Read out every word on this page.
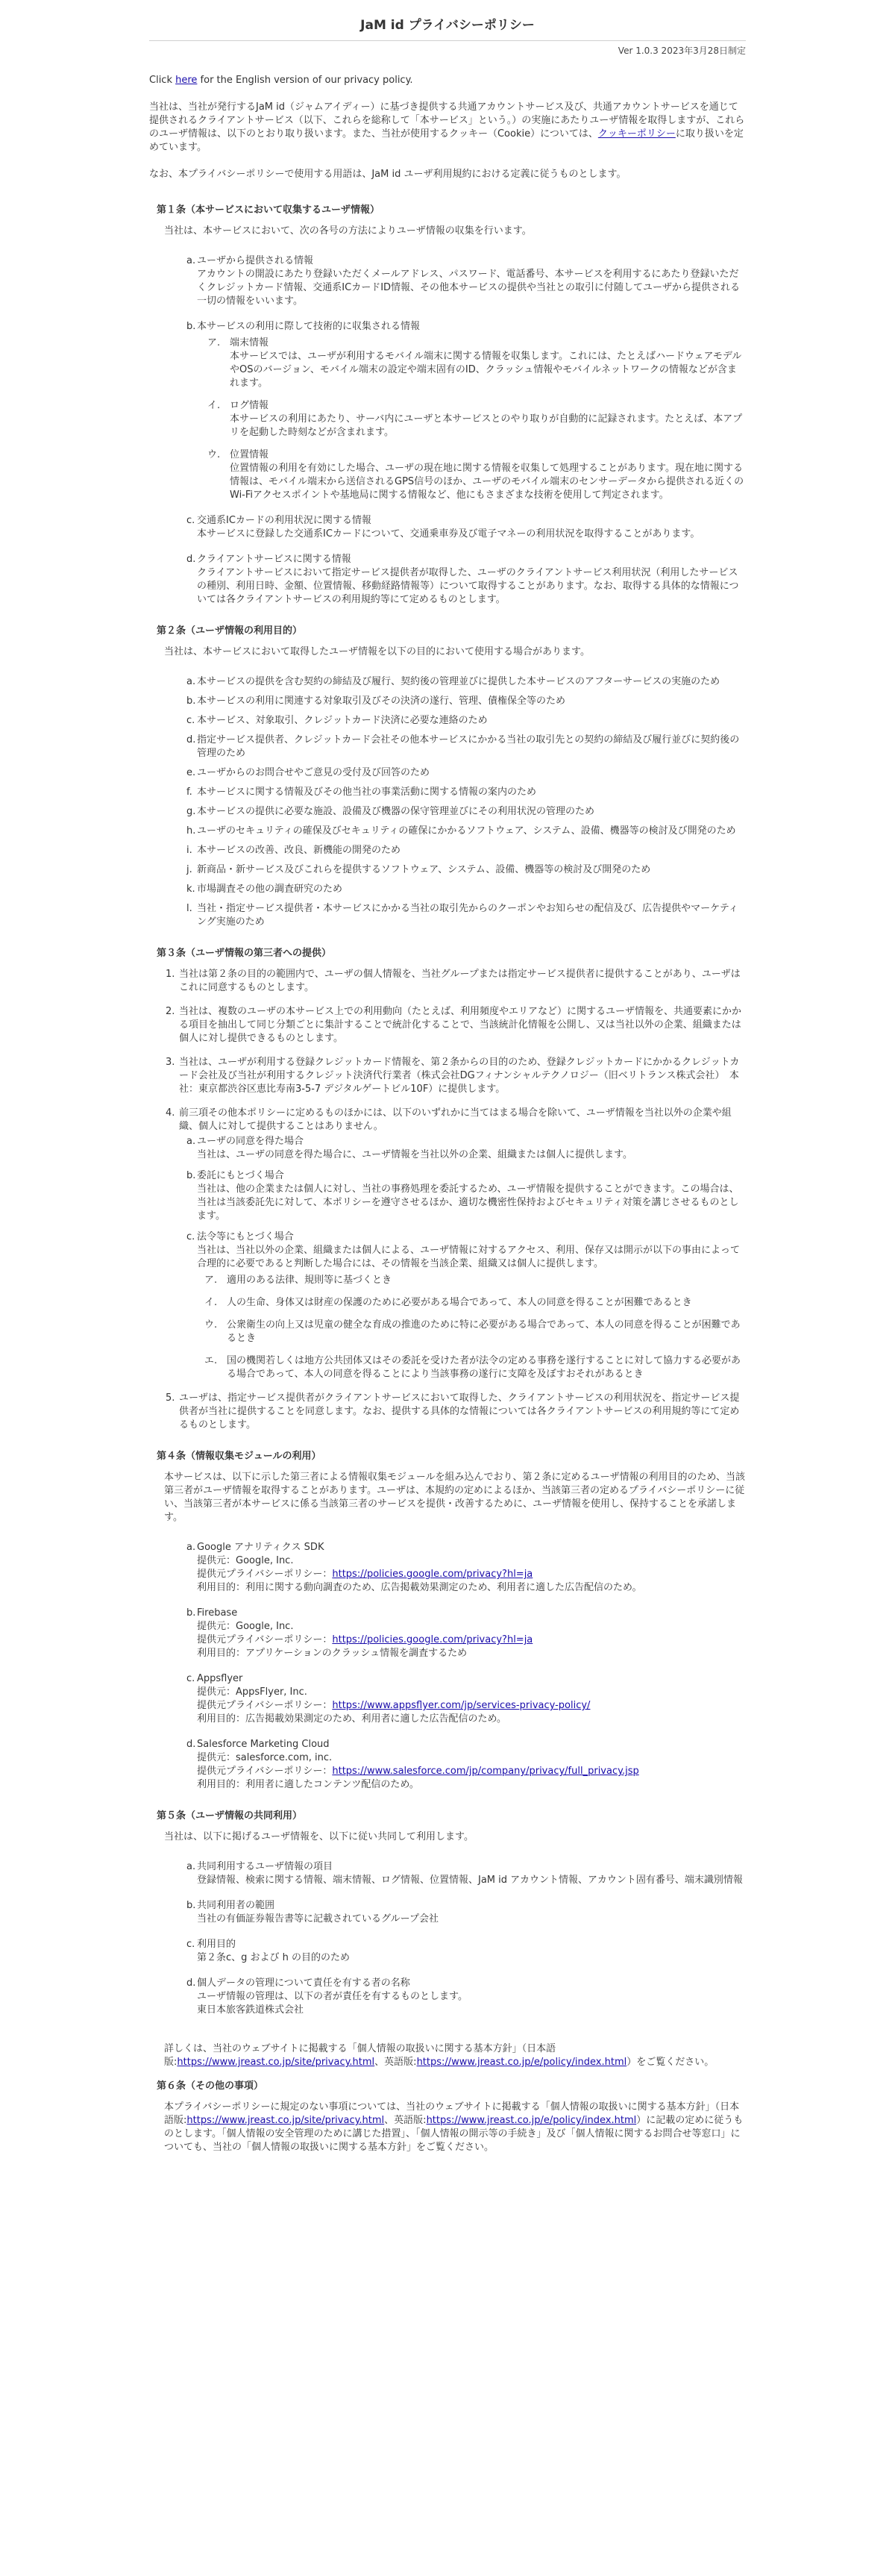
JaM id プライバシーポリシー
Ver 1.0.3 2023年3月28日制定

Click here for the English version of our privacy policy.

当社は、当社が発行するJaM id（ジャムアイディー）に基づき提供する共通アカウントサービス及び、共通アカウントサービスを通じて提供されるクライアントサービス（以下、これらを総称して「本サービス」という。）の実施にあたりユーザ情報を取得しますが、これらのユーザ情報は、以下のとおり取り扱います。また、当社が使用するクッキー（Cookie）については、クッキーポリシーに取り扱いを定めています。

なお、本プライバシーポリシーで使用する用語は、JaM id ユーザ利用規約における定義に従うものとします。

第１条（本サービスにおいて収集するユーザ情報）

当社は、本サービスにおいて、次の各号の方法によりユーザ情報の収集を行います。

a. ユーザから提供される情報
アカウントの開設にあたり登録いただくメールアドレス、パスワード、電話番号、本サービスを利用するにあたり登録いただくクレジットカード情報、交通系ICカードID情報、その他本サービスの提供や当社との取引に付随してユーザから提供される一切の情報をいいます。
b. 本サービスの利用に際して技術的に収集される情報
ア. 端末情報
本サービスでは、ユーザが利用するモバイル端末に関する情報を収集します。これには、たとえばハードウェアモデルやOSのバージョン、モバイル端末の設定や端末固有のID、クラッシュ情報やモバイルネットワークの情報などが含まれます。
イ. ログ情報
本サービスの利用にあたり、サーバ内にユーザと本サービスとのやり取りが自動的に記録されます。たとえば、本アプリを起動した時刻などが含まれます。
ウ. 位置情報
位置情報の利用を有効にした場合、ユーザの現在地に関する情報を収集して処理することがあります。現在地に関する情報は、モバイル端末から送信されるGPS信号のほか、ユーザのモバイル端末のセンサーデータから提供される近くのWi-Fiアクセスポイントや基地局に関する情報など、他にもさまざまな技術を使用して判定されます。
c. 交通系ICカードの利用状況に関する情報
本サービスに登録した交通系ICカードについて、交通乗車券及び電子マネーの利用状況を取得することがあります。
d. クライアントサービスに関する情報
クライアントサービスにおいて指定サービス提供者が取得した、ユーザのクライアントサービス利用状況（利用したサービスの種別、利用日時、金額、位置情報、移動経路情報等）について取得することがあります。なお、取得する具体的な情報については各クライアントサービスの利用規約等にて定めるものとします。
第２条（ユーザ情報の利用目的）

当社は、本サービスにおいて取得したユーザ情報を以下の目的において使用する場合があります。

a. 本サービスの提供を含む契約の締結及び履行、契約後の管理並びに提供した本サービスのアフターサービスの実施のため
b. 本サービスの利用に関連する対象取引及びその決済の遂行、管理、債権保全等のため
c. 本サービス、対象取引、クレジットカード決済に必要な連絡のため
d. 指定サービス提供者、クレジットカード会社その他本サービスにかかる当社の取引先との契約の締結及び履行並びに契約後の管理のため
e. ユーザからのお問合せやご意見の受付及び回答のため
f. 本サービスに関する情報及びその他当社の事業活動に関する情報の案内のため
g. 本サービスの提供に必要な施設、設備及び機器の保守管理並びにその利用状況の管理のため
h. ユーザのセキュリティの確保及びセキュリティの確保にかかるソフトウェア、システム、設備、機器等の検討及び開発のため
i. 本サービスの改善、改良、新機能の開発のため
j. 新商品・新サービス及びこれらを提供するソフトウェア、システム、設備、機器等の検討及び開発のため
k. 市場調査その他の調査研究のため
l. 当社・指定サービス提供者・本サービスにかかる当社の取引先からのクーポンやお知らせの配信及び、広告提供やマーケティング実施のため
第３条（ユーザ情報の第三者への提供）
1. 当社は第２条の目的の範囲内で、ユーザの個人情報を、当社グループまたは指定サービス提供者に提供することがあり、ユーザはこれに同意するものとします。
2. 当社は、複数のユーザの本サービス上での利用動向（たとえば、利用頻度やエリアなど）に関するユーザ情報を、共通要素にかかる項目を抽出して同じ分類ごとに集計することで統計化することで、当該統計化情報を公開し、又は当社以外の企業、組織または個人に対し提供できるものとします。
3. 当社は、ユーザが利用する登録クレジットカード情報を、第２条からの目的のため、登録クレジットカードにかかるクレジットカード会社及び当社が利用するクレジット決済代行業者（株式会社DGフィナンシャルテクノロジー（旧ベリトランス株式会社）　本社：東京都渋谷区恵比寿南3-5-7 デジタルゲートビル10F）に提供します。
4. 前三項その他本ポリシーに定めるものほかには、以下のいずれかに当てはまる場合を除いて、ユーザ情報を当社以外の企業や組織、個人に対して提供することはありません。
a. ユーザの同意を得た場合
当社は、ユーザの同意を得た場合に、ユーザ情報を当社以外の企業、組織または個人に提供します。
b. 委託にもとづく場合
当社は、他の企業または個人に対し、当社の事務処理を委託するため、ユーザ情報を提供することができます。この場合は、当社は当該委託先に対して、本ポリシーを遵守させるほか、適切な機密性保持およびセキュリティ対策を講じさせるものとします。
c. 法令等にもとづく場合
当社は、当社以外の企業、組織または個人による、ユーザ情報に対するアクセス、利用、保存又は開示が以下の事由によって合理的に必要であると判断した場合には、その情報を当該企業、組織又は個人に提供します。
ア. 適用のある法律、規則等に基づくとき
イ. 人の生命、身体又は財産の保護のために必要がある場合であって、本人の同意を得ることが困難であるとき
ウ. 公衆衛生の向上又は児童の健全な育成の推進のために特に必要がある場合であって、本人の同意を得ることが困難であるとき
エ. 国の機関若しくは地方公共団体又はその委託を受けた者が法令の定める事務を遂行することに対して協力する必要がある場合であって、本人の同意を得ることにより当該事務の遂行に支障を及ぼすおそれがあるとき
5. ユーザは、指定サービス提供者がクライアントサービスにおいて取得した、クライアントサービスの利用状況を、指定サービス提供者が当社に提供することを同意します。なお、提供する具体的な情報については各クライアントサービスの利用規約等にて定めるものとします。
第４条（情報収集モジュールの利用）

本サービスは、以下に示した第三者による情報収集モジュールを組み込んでおり、第２条に定めるユーザ情報の利用目的のため、当該第三者がユーザ情報を取得することがあります。ユーザは、本規約の定めによるほか、当該第三者の定めるプライバシーポリシーに従い、当該第三者が本サービスに係る当該第三者のサービスを提供・改善するために、ユーザ情報を使用し、保持することを承諾します。

a. Google アナリティクス SDK
提供元：Google, Inc.
提供元プライバシーポリシー：https://policies.google.com/privacy?hl=ja
利用目的：利用に関する動向調査のため、広告掲載効果測定のため、利用者に適した広告配信のため。
b. Firebase
提供元：Google, Inc.
提供元プライバシーポリシー：https://policies.google.com/privacy?hl=ja
利用目的：アプリケーションのクラッシュ情報を調査するため
c. Appsflyer
提供元：AppsFlyer, Inc.
提供元プライバシーポリシー：https://www.appsflyer.com/jp/services-privacy-policy/
利用目的：広告掲載効果測定のため、利用者に適した広告配信のため。
d. Salesforce Marketing Cloud
提供元：salesforce.com, inc.
提供元プライバシーポリシー：https://www.salesforce.com/jp/company/privacy/full_privacy.jsp
利用目的：利用者に適したコンテンツ配信のため。
第５条（ユーザ情報の共同利用）

当社は、以下に掲げるユーザ情報を、以下に従い共同して利用します。

a. 共同利用するユーザ情報の項目
登録情報、検索に関する情報、端末情報、ログ情報、位置情報、JaM id アカウント情報、アカウント固有番号、端末識別情報
b. 共同利用者の範囲
当社の有価証券報告書等に記載されているグループ会社
c. 利用目的
第２条c、g および h の目的のため
d. 個人データの管理について責任を有する者の名称
ユーザ情報の管理は、以下の者が責任を有するものとします。
東日本旅客鉄道株式会社

詳しくは、当社のウェブサイトに掲載する「個人情報の取扱いに関する基本方針」（日本語版:https://www.jreast.co.jp/site/privacy.html、英語版:https://www.jreast.co.jp/e/policy/index.html）をご覧ください。

第６条（その他の事項）

本プライバシーポリシーに規定のない事項については、当社のウェブサイトに掲載する「個人情報の取扱いに関する基本方針」（日本語版:https://www.jreast.co.jp/site/privacy.html、英語版:https://www.jreast.co.jp/e/policy/index.html）に記載の定めに従うものとします。「個人情報の安全管理のために講じた措置」、「個人情報の開示等の手続き」及び「個人情報に関するお問合せ等窓口」についても、当社の「個人情報の取扱いに関する基本方針」をご覧ください。
